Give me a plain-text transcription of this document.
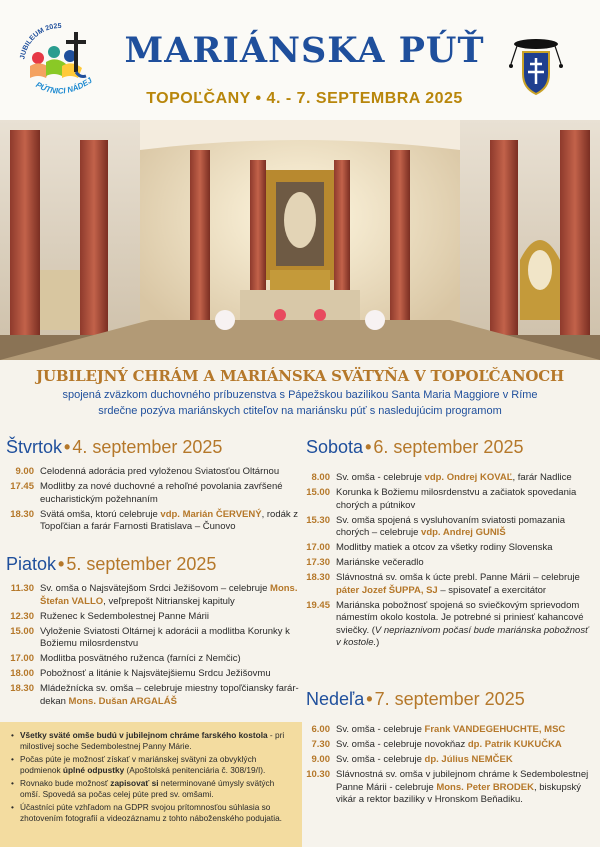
JUBILEUM 2025
PÚTNICI NÁDEJ
MARIÁNSKA PÚŤ
TOPOĽČANY • 4. - 7. SEPTEMBRA 2025
JUBILEJNÝ CHRÁM A MARIÁNSKA SVÄTYŇA V TOPOĽČANOCH
spojená zväzkom duchovného príbuzenstva s Pápežskou bazilikou Santa Maria Maggiore v Ríme
srdečne pozýva mariánskych ctiteľov na mariánsku púť s nasledujúcim programom
Štvrtok • 4. september 2025
9.00 Celodenná adorácia pred vyloženou Sviatosťou Oltárnou
17.45 Modlitby za nové duchovné a rehoľné povolania zavŕšené eucharistickým požehnaním
18.30 Svätá omša, ktorú celebruje vdp. Marián ČERVENÝ, rodák z Topoľčian a farár Farnosti Bratislava – Čunovo
Piatok • 5. september 2025
11.30 Sv. omša o Najsvätejšom Srdci Ježišovom – celebruje Mons. Štefan VALLO, veľprepošt Nitrianskej kapituly
12.30 Ruženec k Sedembolestnej Panne Márii
15.00 Vyloženie Sviatosti Oltárnej k adorácii a modlitba Korunky k Božiemu milosrdenstvu
17.00 Modlitba posvätného ruženca (farníci z Nemčic)
18.00 Pobožnosť a litánie k Najsvätejšiemu Srdcu Ježišovmu
18.30 Mládežnícka sv. omša – celebruje miestny topoľčiansky farár-dekan Mons. Dušan ARGALÁŠ
Sobota • 6. september 2025
8.00 Sv. omša - celebruje vdp. Ondrej KOVAĽ, farár Nadlice
15.00 Korunka k Božiemu milosrdenstvu a začiatok spovedania chorých a pútnikov
15.30 Sv. omša spojená s vysluhovaním sviatosti pomazania chorých – celebruje vdp. Andrej GUNIŠ
17.00 Modlitby matiek a otcov za všetky rodiny Slovenska
17.30 Mariánske večeradlo
18.30 Slávnostná sv. omša k úcte prebl. Panne Márii – celebruje páter Jozef ŠUPPA, SJ – spisovateľ a exercitátor
19.45 Mariánska pobožnosť spojená so sviečkovým sprievodom námestím okolo kostola. Je potrebné si priniesť kahancové sviečky. (V nepriaznivom počasí bude mariánska pobožnosť v kostole.)
Nedeľa • 7. september 2025
6.00 Sv. omša - celebruje Frank VANDEGEHUCHTE, MSC
7.30 Sv. omša - celebruje novokňaz dp. Patrik KUKUČKA
9.00 Sv. omša - celebruje dp. Július NEMČEK
10.30 Slávnostná sv. omša v jubilejnom chráme k Sedembolestnej Panne Márii - celebruje Mons. Peter BRODEK, biskupský vikár a rektor baziliky v Hronskom Beňadiku.
• Všetky sväté omše budú v jubilejnom chráme farského kostola - pri milostivej soche Sedembolestnej Panny Márie.
• Počas púte je možnosť získať v mariánskej svätyni za obvyklých podmienok úplné odpustky (Apoštolská penitenciária č. 308/19/I).
• Rovnako bude možnosť zapisovať si neterminované úmysly svätých omší. Spovedá sa počas celej púte pred sv. omšami.
• Účastníci púte vzhľadom na GDPR svojou prítomnosťou súhlasia so zhotovením fotografií a videozáznamu z tohto náboženského podujatia.
